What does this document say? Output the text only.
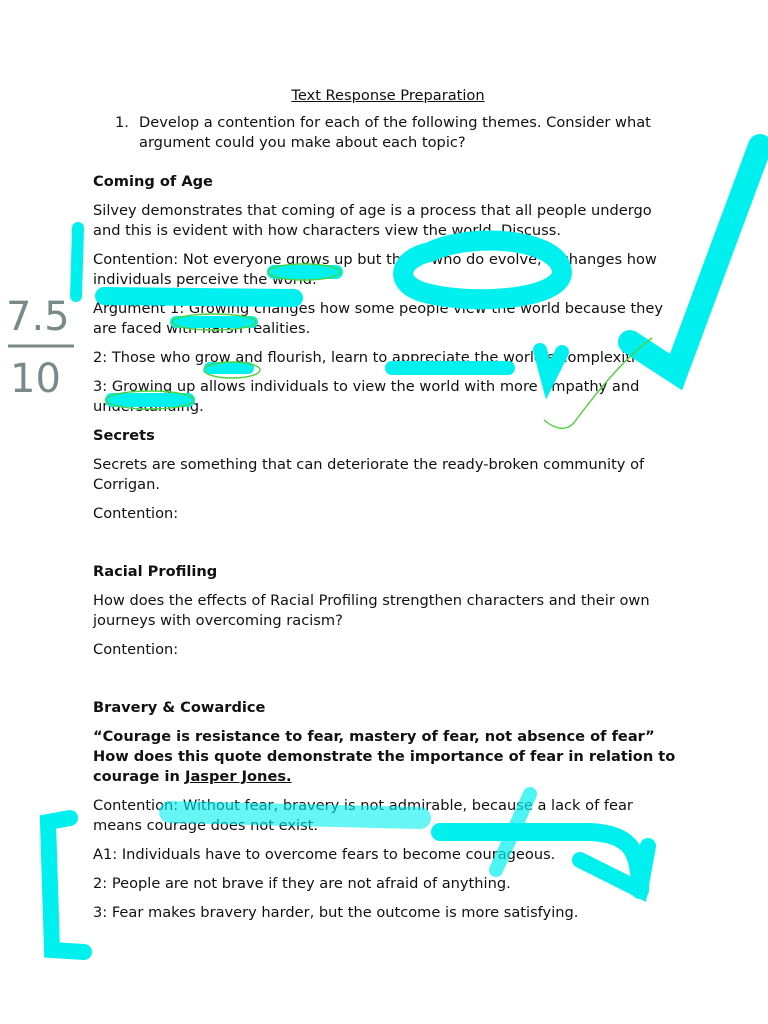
Text Response Preparation
1. Develop a contention for each of the following themes. Consider what argument could you make about each topic?
Coming of Age

Silvey demonstrates that coming of age is a process that all people undergo and this is evident with how characters view the world. Discuss.

Contention: Not everyone grows up but those who do evolve, it changes how individuals perceive the world.

Argument 1: Growing changes how some people view the world because they are faced with harsh realities.

2: Those who grow and flourish, learn to appreciate the world's complexities.

3: Growing up allows individuals to view the world with more empathy and understanding.

Secrets

Secrets are something that can deteriorate the ready-broken community of Corrigan.

Contention:

Racial Profiling

How does the effects of Racial Profiling strengthen characters and their own journeys with overcoming racism?

Contention:

Bravery & Cowardice

“Courage is resistance to fear, mastery of fear, not absence of fear” How does this quote demonstrate the importance of fear in relation to courage in Jasper Jones.

Contention: Without fear, bravery is not admirable, because a lack of fear means courage does not exist.

A1: Individuals have to overcome fears to become courageous.

2: People are not brave if they are not afraid of anything.

3: Fear makes bravery harder, but the outcome is more satisfying.

7.5
10
